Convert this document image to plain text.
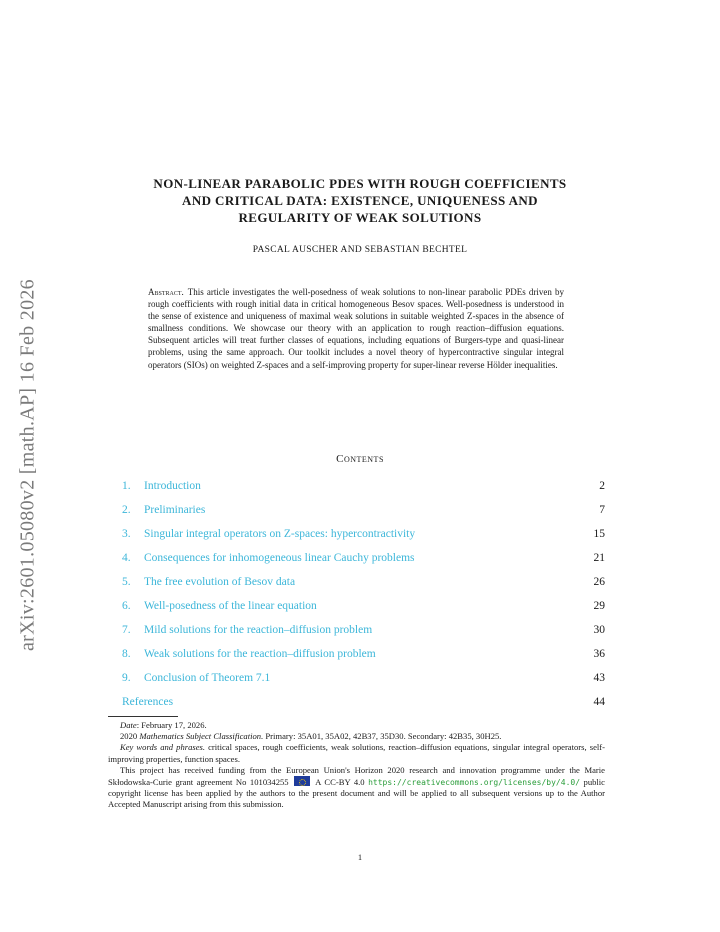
arXiv:2601.05080v2 [math.AP] 16 Feb 2026
NON-LINEAR PARABOLIC PDES WITH ROUGH COEFFICIENTS
AND CRITICAL DATA: EXISTENCE, UNIQUENESS AND
REGULARITY OF WEAK SOLUTIONS
PASCAL AUSCHER AND SEBASTIAN BECHTEL
Abstract. This article investigates the well-posedness of weak solutions to non-linear parabolic PDEs driven by rough coefficients with rough initial data in critical homogeneous Besov spaces. Well-posedness is understood in the sense of existence and uniqueness of maximal weak solutions in suitable weighted Z-spaces in the absence of smallness conditions. We showcase our theory with an application to rough reaction–diffusion equations. Subsequent articles will treat further classes of equations, including equations of Burgers-type and quasi-linear problems, using the same approach. Our toolkit includes a novel theory of hypercontractive singular integral operators (SIOs) on weighted Z-spaces and a self-improving property for super-linear reverse Hölder inequalities.
Contents
1. Introduction	2
2. Preliminaries	7
3. Singular integral operators on Z-spaces: hypercontractivity	15
4. Consequences for inhomogeneous linear Cauchy problems	21
5. The free evolution of Besov data	26
6. Well-posedness of the linear equation	29
7. Mild solutions for the reaction–diffusion problem	30
8. Weak solutions for the reaction–diffusion problem	36
9. Conclusion of Theorem 7.1	43
References	44

Date: February 17, 2026.

2020 Mathematics Subject Classification. Primary: 35A01, 35A02, 42B37, 35D30. Secondary: 42B35, 30H25.

Key words and phrases. critical spaces, rough coefficients, weak solutions, reaction–diffusion equations, singular integral operators, self-improving properties, function spaces.

This project has received funding from the European Union's Horizon 2020 research and innovation programme under the Marie Skłodowska-Curie grant agreement No 101034255	A CC-BY 4.0 https://creativecommons.org/licenses/by/4.0/ public copyright license has been applied by the authors to the present document and will be applied to all subsequent versions up to the Author Accepted Manuscript arising from this submission.

1
